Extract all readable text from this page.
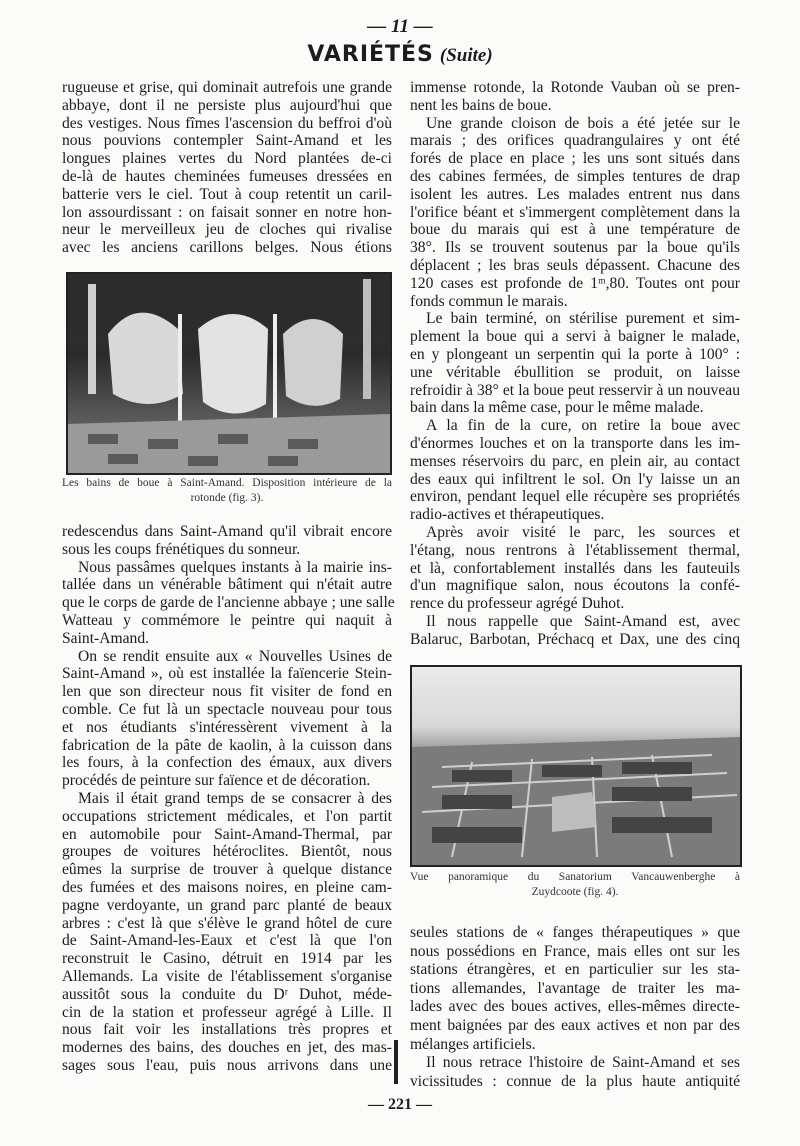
— 11 —
VARIÉTÉS (Suite)
rugueuse et grise, qui dominait autrefois une grande
abbaye, dont il ne persiste plus aujourd'hui que
des vestiges. Nous fîmes l'ascension du beffroi d'où
nous pouvions contempler Saint-Amand et les
longues plaines vertes du Nord plantées de-ci
de-là de hautes cheminées fumeuses dressées en
batterie vers le ciel. Tout à coup retentit un caril-
lon assourdissant : on faisait sonner en notre hon-
neur le merveilleux jeu de cloches qui rivalise
avec les anciens carillons belges. Nous étions
Les bains de boue à Saint-Amand. Disposition intérieure de la
rotonde (fig. 3).
redescendus dans Saint-Amand qu'il vibrait encore
sous les coups frénétiques du sonneur.
Nous passâmes quelques instants à la mairie ins-
tallée dans un vénérable bâtiment qui n'était autre
que le corps de garde de l'ancienne abbaye ; une salle
Watteau y commémore le peintre qui naquit à
Saint-Amand.
On se rendit ensuite aux « Nouvelles Usines de
Saint-Amand », où est installée la faïencerie Stein-
len que son directeur nous fit visiter de fond en
comble. Ce fut là un spectacle nouveau pour tous
et nos étudiants s'intéressèrent vivement à la
fabrication de la pâte de kaolin, à la cuisson dans
les fours, à la confection des émaux, aux divers
procédés de peinture sur faïence et de décoration.
Mais il était grand temps de se consacrer à des
occupations strictement médicales, et l'on partit
en automobile pour Saint-Amand-Thermal, par
groupes de voitures hétéroclites. Bientôt, nous
eûmes la surprise de trouver à quelque distance
des fumées et des maisons noires, en pleine cam-
pagne verdoyante, un grand parc planté de beaux
arbres : c'est là que s'élève le grand hôtel de cure
de Saint-Amand-les-Eaux et c'est là que l'on
reconstruit le Casino, détruit en 1914 par les
Allemands. La visite de l'établissement s'organise
aussitôt sous la conduite du Dʳ Duhot, méde-
cin de la station et professeur agrégé à Lille. Il
nous fait voir les installations très propres et
modernes des bains, des douches en jet, des mas-
sages sous l'eau, puis nous arrivons dans une
immense rotonde, la Rotonde Vauban où se pren-
nent les bains de boue.
Une grande cloison de bois a été jetée sur le
marais ; des orifices quadrangulaires y ont été
forés de place en place ; les uns sont situés dans
des cabines fermées, de simples tentures de drap
isolent les autres. Les malades entrent nus dans
l'orifice béant et s'immergent complètement dans la
boue du marais qui est à une température de
38°. Ils se trouvent soutenus par la boue qu'ils
déplacent ; les bras seuls dépassent. Chacune des
120 cases est profonde de 1ᵐ,80. Toutes ont pour
fonds commun le marais.
Le bain terminé, on stérilise purement et sim-
plement la boue qui a servi à baigner le malade,
en y plongeant un serpentin qui la porte à 100° :
une véritable ébullition se produit, on laisse
refroidir à 38° et la boue peut resservir à un nouveau
bain dans la même case, pour le même malade.
A la fin de la cure, on retire la boue avec
d'énormes louches et on la transporte dans les im-
menses réservoirs du parc, en plein air, au contact
des eaux qui infiltrent le sol. On l'y laisse un an
environ, pendant lequel elle récupère ses propriétés
radio-actives et thérapeutiques.
Après avoir visité le parc, les sources et
l'étang, nous rentrons à l'établissement thermal,
et là, confortablement installés dans les fauteuils
d'un magnifique salon, nous écoutons la confé-
rence du professeur agrégé Duhot.
Il nous rappelle que Saint-Amand est, avec
Balaruc, Barbotan, Préchacq et Dax, une des cinq
Vue panoramique du Sanatorium Vancauwenberghe à
Zuydcoote (fig. 4).
seules stations de « fanges thérapeutiques » que
nous possédions en France, mais elles ont sur les
stations étrangères, et en particulier sur les sta-
tions allemandes, l'avantage de traiter les ma-
lades avec des boues actives, elles-mêmes directe-
ment baignées par des eaux actives et non par des
mélanges artificiels.
Il nous retrace l'histoire de Saint-Amand et ses
vicissitudes : connue de la plus haute antiquité
— 221 —
